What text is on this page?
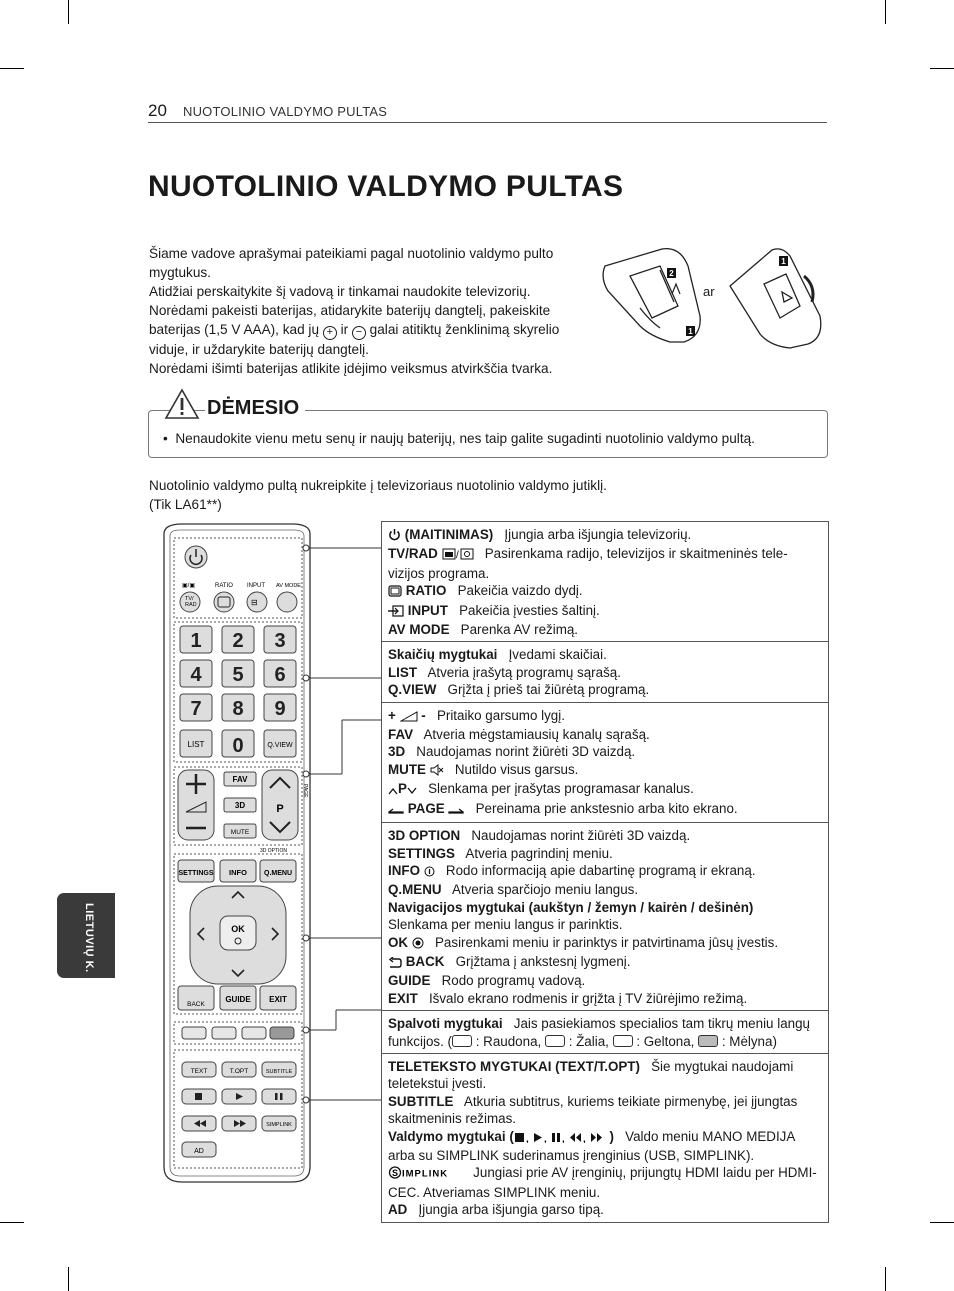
20 NUOTOLINIO VALDYMO PULTAS
NUOTOLINIO VALDYMO PULTAS

Šiame vadove aprašymai pateikiami pagal nuotolinio valdymo pulto mygtukus.

Atidžiai perskaitykite šį vadovą ir tinkamai naudokite televizorių.

Norėdami pakeisti baterijas, atidarykite baterijų dangtelį, pakeiskite baterijas (1,5 V AAA), kad jų + ir − galai atitiktų ženklinimą skyrelio viduje, ir uždarykite baterijų dangtelį.

Norėdami išimti baterijas atlikite įdėjimo veiksmus atvirkščia tvarka.

2
1
1
ar
DĖMESIO
•  Nenaudokite vienu metu senų ir naujų baterijų, nes taip galite sugadinti nuotolinio valdymo pultą.

Nuotolinio valdymo pultą nukreipkite į televizoriaus nuotolinio valdymo jutiklį.

(Tik LA61**)

LIETUVIŲ K.
▣/▣	RATIO INPUT AV MODE
TV/
RAD	⊟
1 2 3
4 5 6
7 8 9
0
LIST	Q.VIEW
P
FAV
3D
MUTE
PAGE
3D OPTION
SETTINGS INFO Q.MENU
OK
BACK
GUIDE EXIT
TEXT	T.OPT	SUBTITLE
SIMPLINK
AD

(MAITINIMAS) Įjungia arba išjungia televizorių.

TV/RAD / Pasirenkama radijo, televizijos ir skaitmeninės tele-vizijos programa.

RATIO Pakeičia vaizdo dydį.

INPUT Pakeičia įvesties šaltinį.

AV MODE Parenka AV režimą.

Skaičių mygtukai Įvedami skaičiai.

LIST Atveria įrašytą programų sąrašą.

Q.VIEW Grįžta į prieš tai žiūrėtą programą.

+ - Pritaiko garsumo lygį.

FAV Atveria mėgstamiausių kanalų sąrašą.

3D Naudojamas norint žiūrėti 3D vaizdą.

MUTE Nutildo visus garsus.

P Slenkama per įrašytas programasar kanalus.

PAGE Pereinama prie ankstesnio arba kito ekrano.

3D OPTION Naudojamas norint žiūrėti 3D vaizdą.

SETTINGS Atveria pagrindinį meniu.

INFO Rodo informaciją apie dabartinę programą ir ekraną.

Q.MENU Atveria sparčiojo meniu langus.

Navigacijos mygtukai (aukštyn / žemyn / kairėn / dešinėn)

Slenkama per meniu langus ir parinktis.

OK Pasirenkami meniu ir parinktys ir patvirtinama jūsų įvestis.

BACK Grįžtama į ankstesnį lygmenį.

GUIDE Rodo programų vadovą.

EXIT Išvalo ekrano rodmenis ir grįžta į TV žiūrėjimo režimą.

Spalvoti mygtukai Jais pasiekiamos specialios tam tikrų meniu langų funkcijos. ( : Raudona,  : Žalia,  : Geltona,  : Mėlyna)

TELETEKSTO MYGTUKAI (TEXT/T.OPT) Šie mygtukai naudojami teletekstui įvesti.

SUBTITLE Atkuria subtitrus, kuriems teikiate pirmenybę, jei įjungtas skaitmeninis režimas.

Valdymo mygtukai ( , , , , ) Valdo meniu MANO MEDIJA arba su SIMPLINK suderinamus įrenginius (USB, SIMPLINK).

S IMPLINK Jungiasi prie AV įrenginių, prijungtų HDMI laidu per HDMI-CEC. Atveriamas SIMPLINK meniu.

AD Įjungia arba išjungia garso tipą.
